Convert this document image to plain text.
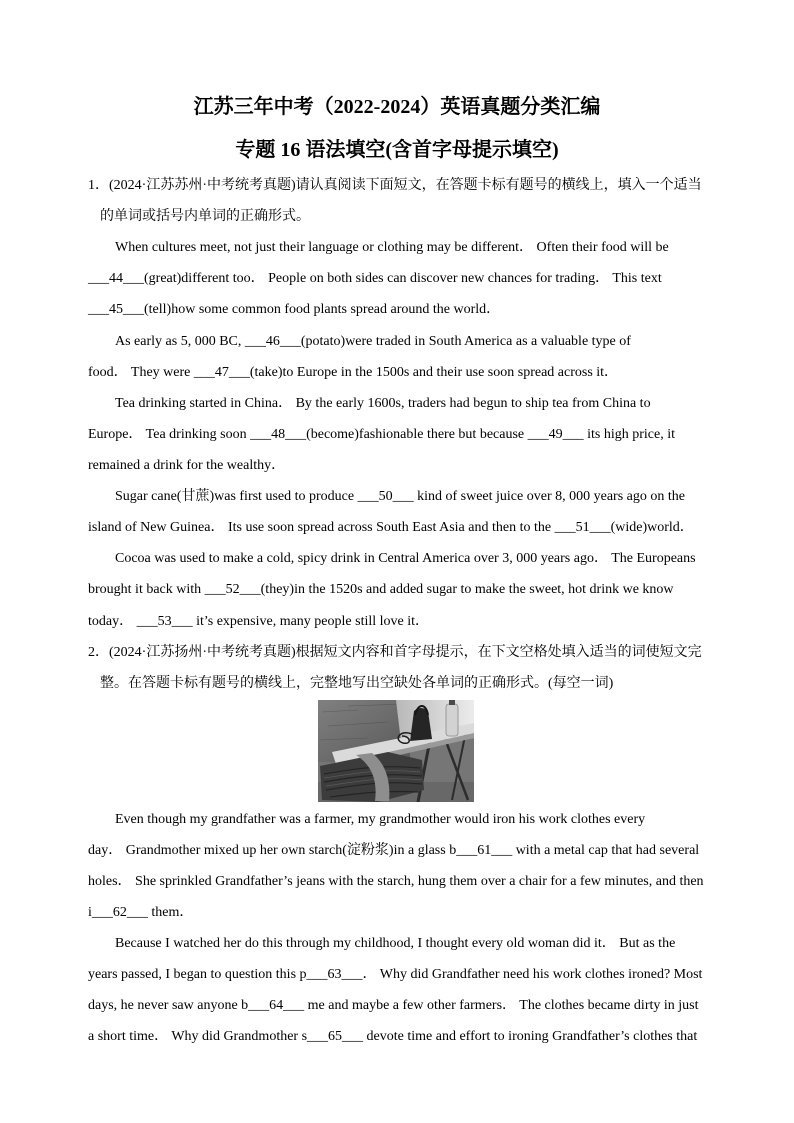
江苏三年中考（2022-2024）英语真题分类汇编
专题 16 语法填空(含首字母提示填空)
1．(2024·江苏苏州·中考统考真题)请认真阅读下面短文，在答题卡标有题号的横线上，填入一个适当
的单词或括号内单词的正确形式。
When cultures meet, not just their language or clothing may be different． Often their food will be
___44___(great)different too． People on both sides can discover new chances for trading． This text
___45___(tell)how some common food plants spread around the world．
As early as 5, 000 BC, ___46___(potato)were traded in South America as a valuable type of
food． They were ___47___(take)to Europe in the 1500s and their use soon spread across it．
Tea drinking started in China． By the early 1600s, traders had begun to ship tea from China to
Europe． Tea drinking soon ___48___(become)fashionable there but because ___49___ its high price, it
remained a drink for the wealthy．
Sugar cane(甘蔗)was first used to produce ___50___ kind of sweet juice over 8, 000 years ago on the
island of New Guinea． Its use soon spread across South East Asia and then to the ___51___(wide)world．
Cocoa was used to make a cold, spicy drink in Central America over 3, 000 years ago． The Europeans
brought it back with ___52___(they)in the 1520s and added sugar to make the sweet, hot drink we know
today． ___53___ it’s expensive, many people still love it．
2．(2024·江苏扬州·中考统考真题)根据短文内容和首字母提示，在下文空格处填入适当的词使短文完
整。在答题卡标有题号的横线上，完整地写出空缺处各单词的正确形式。(每空一词)
Even though my grandfather was a farmer, my grandmother would iron his work clothes every
day． Grandmother mixed up her own starch(淀粉浆)in a glass b___61___ with a metal cap that had several
holes． She sprinkled Grandfather’s jeans with the starch, hung them over a chair for a few minutes, and then
i___62___ them．
Because I watched her do this through my childhood, I thought every old woman did it． But as the
years passed, I began to question this p___63___． Why did Grandfather need his work clothes ironed? Most
days, he never saw anyone b___64___ me and maybe a few other farmers． The clothes became dirty in just
a short time． Why did Grandmother s___65___ devote time and effort to ironing Grandfather’s clothes that
